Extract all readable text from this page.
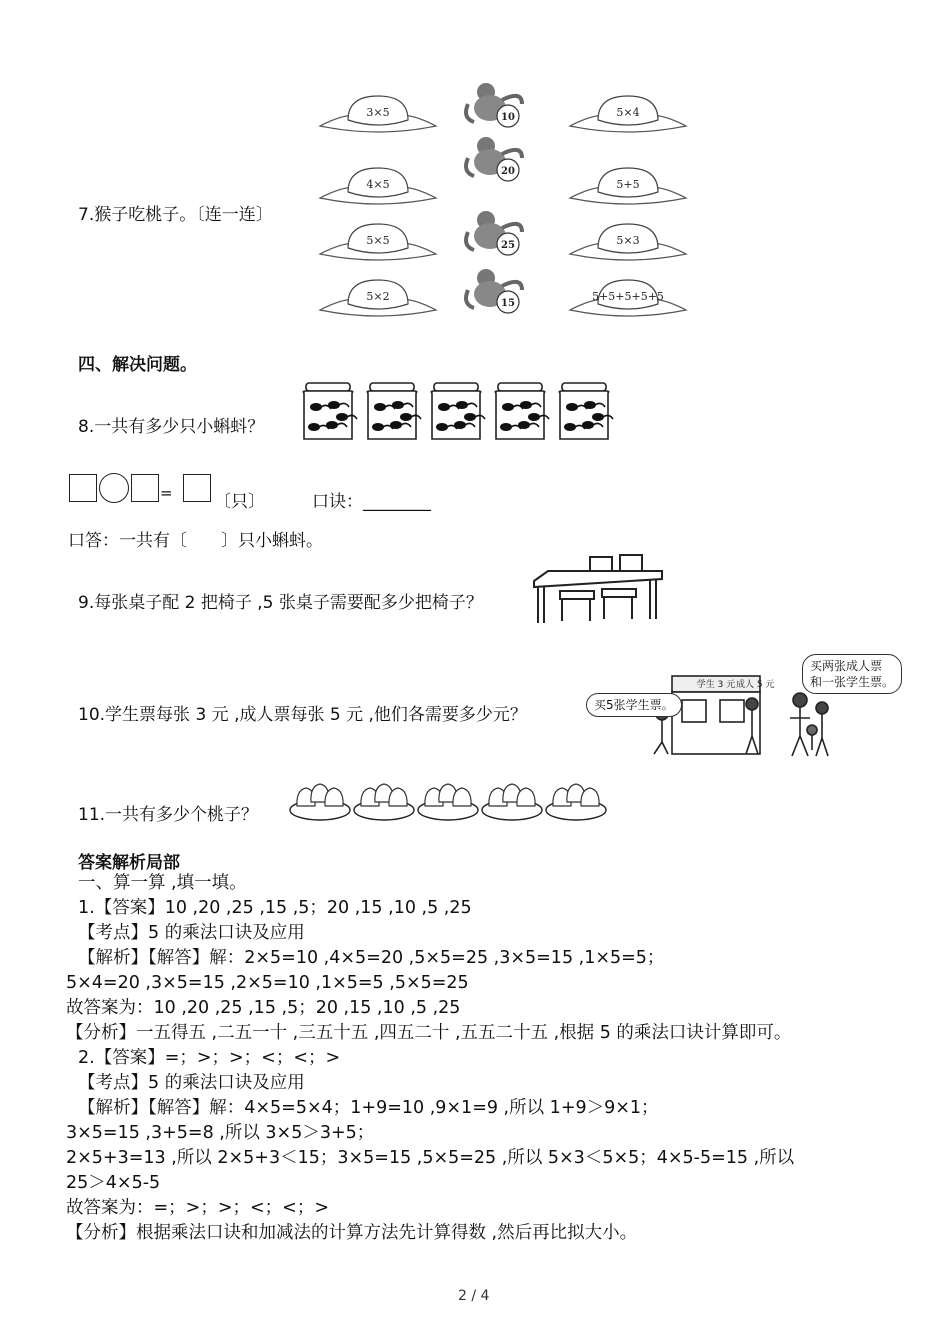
7.猴子吃桃子。〔连一连〕
3×5
4×5
5×5
5×2
5×4
5+5
5×3
5+5+5+5+5
10
20
25
15
四、解决问题。
8.一共有多少只小蝌蚪？
= 〔只〕	口诀：________
口答：一共有〔　　〕只小蝌蚪。
9.每张桌子配 2 把椅子 ,5 张桌子需要配多少把椅子？
10.学生票每张 3 元 ,成人票每张 5 元 ,他们各需要多少元？
学生 3 元 成人 5 元
买5张学生票。
买两张成人票
和一张学生票。
11.一共有多少个桃子？
答案解析局部
一、算一算 ,填一填。
1.【答案】10 ,20 ,25 ,15 ,5；20 ,15 ,10 ,5 ,25
【考点】5 的乘法口诀及应用
【解析】【解答】解：2×5=10 ,4×5=20 ,5×5=25 ,3×5=15 ,1×5=5；
5×4=20 ,3×5=15 ,2×5=10 ,1×5=5 ,5×5=25
故答案为：10 ,20 ,25 ,15 ,5；20 ,15 ,10 ,5 ,25
【分析】一五得五 ,二五一十 ,三五十五 ,四五二十 ,五五二十五 ,根据 5 的乘法口诀计算即可。
2.【答案】=；>；>；<；<；>
【考点】5 的乘法口诀及应用
【解析】【解答】解：4×5=5×4；1+9=10 ,9×1=9 ,所以 1+9＞9×1；
3×5=15 ,3+5=8 ,所以 3×5＞3+5；
2×5+3=13 ,所以 2×5+3＜15；3×5=15 ,5×5=25 ,所以 5×3＜5×5；4×5-5=15 ,所以
25＞4×5-5
故答案为：=；>；>；<；<；>
【分析】根据乘法口诀和加减法的计算方法先计算得数 ,然后再比拟大小。
2 / 4
